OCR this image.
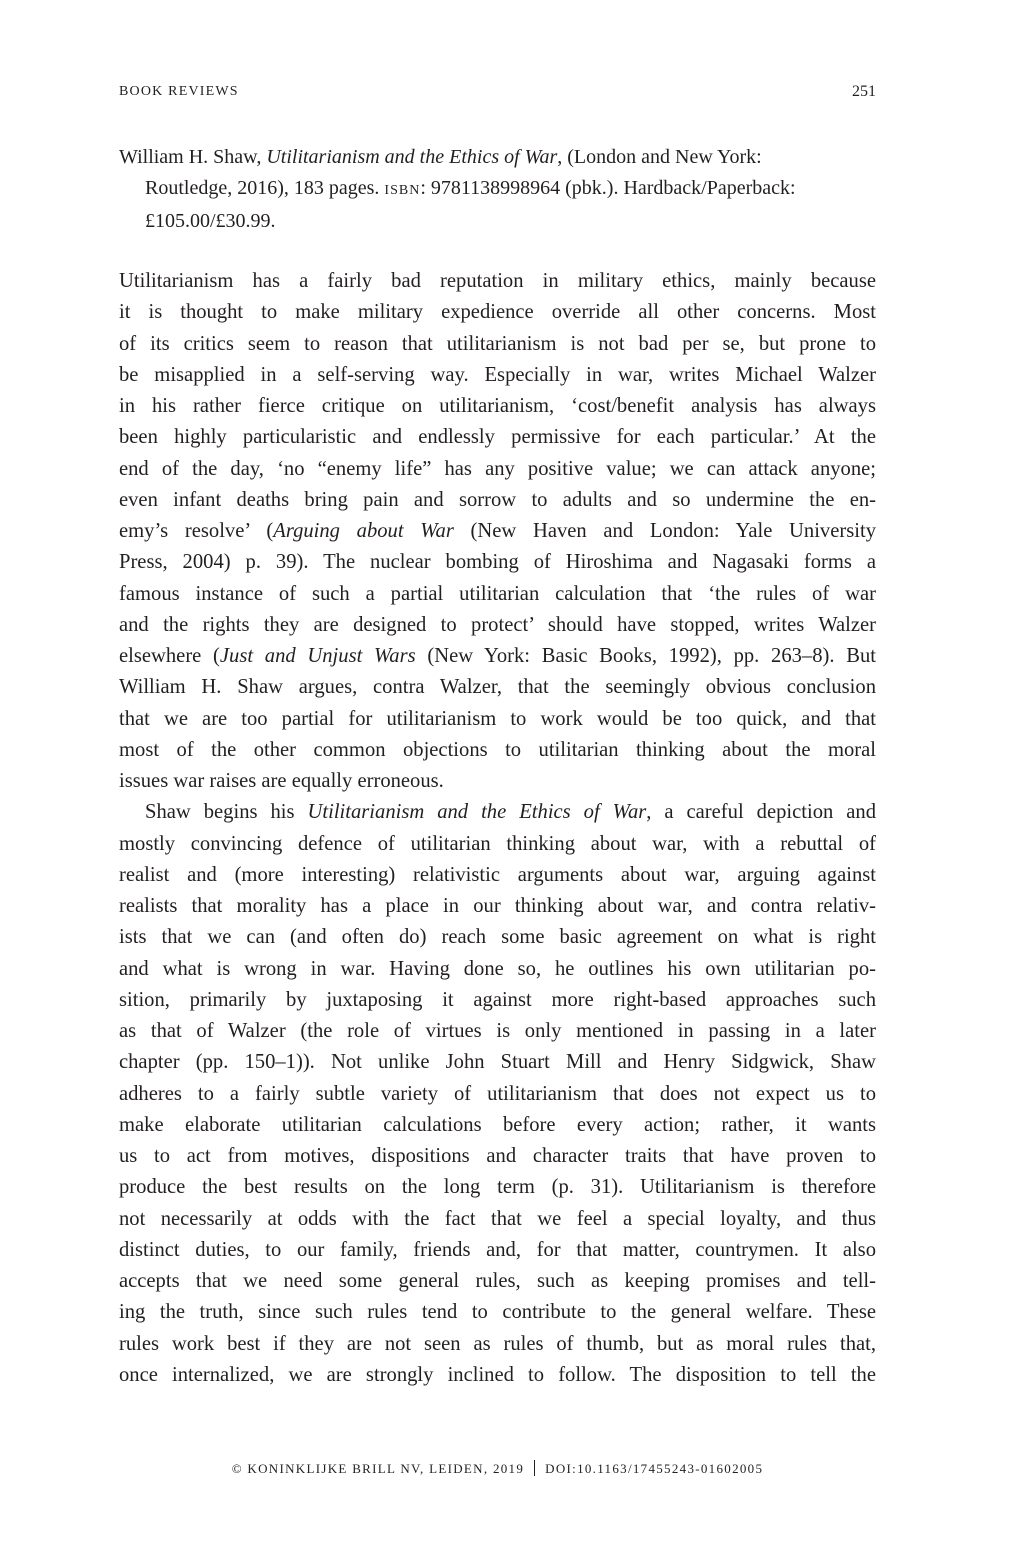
BOOK REVIEWS	251
William H. Shaw, Utilitarianism and the Ethics of War, (London and New York:
Routledge, 2016), 183 pages. ISBN: 9781138998964 (pbk.). Hardback/Paperback:
£105.00/£30.99.
Utilitarianism has a fairly bad reputation in military ethics, mainly because
it is thought to make military expedience override all other concerns. Most
of its critics seem to reason that utilitarianism is not bad per se, but prone to
be misapplied in a self-serving way. Especially in war, writes Michael Walzer
in his rather fierce critique on utilitarianism, ‘cost/benefit analysis has always
been highly particularistic and endlessly permissive for each particular.’ At the
end of the day, ‘no “enemy life” has any positive value; we can attack anyone;
even infant deaths bring pain and sorrow to adults and so undermine the en-
emy’s resolve’ (Arguing about War (New Haven and London: Yale University
Press, 2004) p. 39). The nuclear bombing of Hiroshima and Nagasaki forms a
famous instance of such a partial utilitarian calculation that ‘the rules of war
and the rights they are designed to protect’ should have stopped, writes Walzer
elsewhere (Just and Unjust Wars (New York: Basic Books, 1992), pp. 263–8). But
William H. Shaw argues, contra Walzer, that the seemingly obvious conclusion
that we are too partial for utilitarianism to work would be too quick, and that
most of the other common objections to utilitarian thinking about the moral
issues war raises are equally erroneous.
Shaw begins his Utilitarianism and the Ethics of War, a careful depiction and
mostly convincing defence of utilitarian thinking about war, with a rebuttal of
realist and (more interesting) relativistic arguments about war, arguing against
realists that morality has a place in our thinking about war, and contra relativ-
ists that we can (and often do) reach some basic agreement on what is right
and what is wrong in war. Having done so, he outlines his own utilitarian po-
sition, primarily by juxtaposing it against more right-based approaches such
as that of Walzer (the role of virtues is only mentioned in passing in a later
chapter (pp. 150–1)). Not unlike John Stuart Mill and Henry Sidgwick, Shaw
adheres to a fairly subtle variety of utilitarianism that does not expect us to
make elaborate utilitarian calculations before every action; rather, it wants
us to act from motives, dispositions and character traits that have proven to
produce the best results on the long term (p. 31). Utilitarianism is therefore
not necessarily at odds with the fact that we feel a special loyalty, and thus
distinct duties, to our family, friends and, for that matter, countrymen. It also
accepts that we need some general rules, such as keeping promises and tell-
ing the truth, since such rules tend to contribute to the general welfare. These
rules work best if they are not seen as rules of thumb, but as moral rules that,
once internalized, we are strongly inclined to follow. The disposition to tell the
© KONINKLIJKE BRILL NV, LEIDEN, 2019 DOI:10.1163/17455243-01602005
